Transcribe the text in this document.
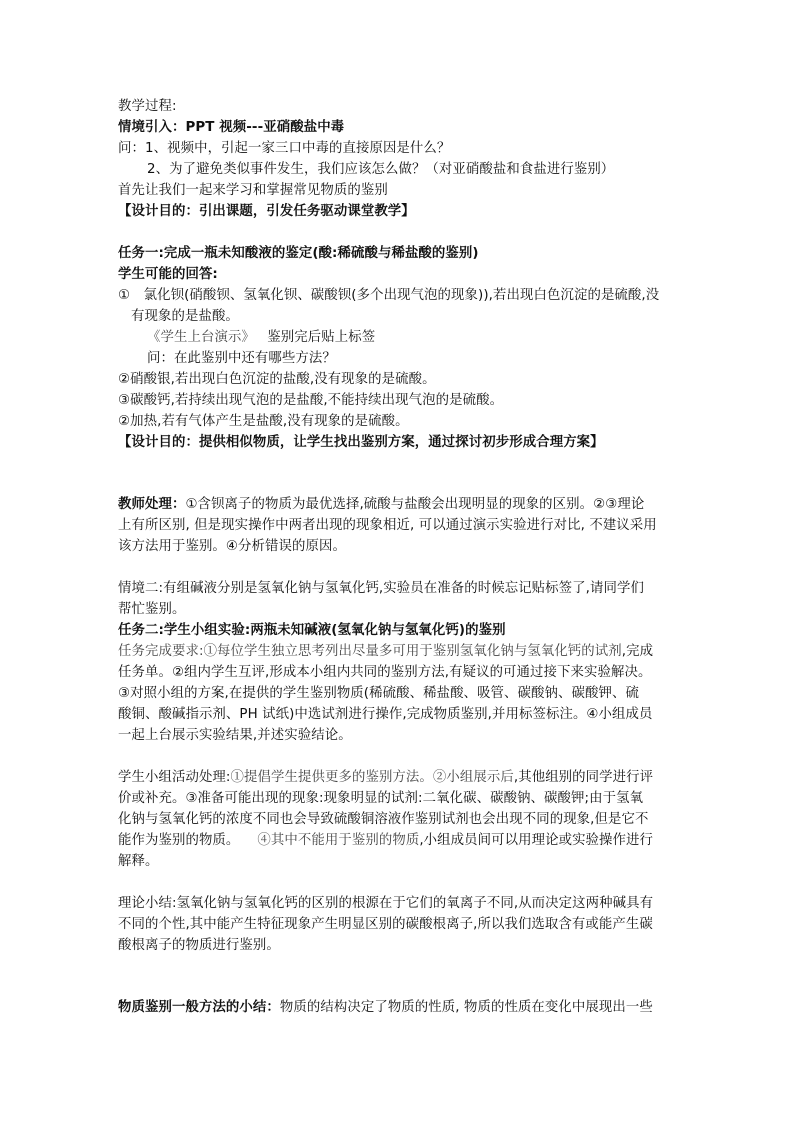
教学过程:
情境引入：PPT 视频---亚硝酸盐中毒
问：1、视频中，引起一家三口中毒的直接原因是什么？
2、为了避免类似事件发生，我们应该怎么做？（对亚硝酸盐和食盐进行鉴别）
首先让我们一起来学习和掌握常见物质的鉴别
【设计目的：引出课题，引发任务驱动课堂教学】
任务一:完成一瓶未知酸液的鉴定(酸:稀硫酸与稀盐酸的鉴别)
学生可能的回答:
①　氯化钡(硝酸钡、氢氧化钡、碳酸钡(多个出现气泡的现象)),若出现白色沉淀的是硫酸,没
有现象的是盐酸。
《学生上台演示》 鉴别完后贴上标签
问：在此鉴别中还有哪些方法？
②硝酸银,若出现白色沉淀的盐酸,没有现象的是硫酸。
③碳酸钙,若持续出现气泡的是盐酸,不能持续出现气泡的是硫酸。
②加热,若有气体产生是盐酸,没有现象的是硫酸。
【设计目的：提供相似物质，让学生找出鉴别方案，通过探讨初步形成合理方案】
教师处理：①含钡离子的物质为最优选择,硫酸与盐酸会出现明显的现象的区别。②③理论
上有所区别, 但是现实操作中两者出现的现象相近, 可以通过演示实验进行对比, 不建议采用
该方法用于鉴别。④分析错误的原因。
情境二:有组碱液分别是氢氧化钠与氢氧化钙,实验员在准备的时候忘记贴标签了,请同学们
帮忙鉴别。
任务二:学生小组实验:两瓶未知碱液(氢氧化钠与氢氧化钙)的鉴别
任务完成要求:①每位学生独立思考列出尽量多可用于鉴别氢氧化钠与氢氧化钙的试剂,完成
任务单。②组内学生互评,形成本小组内共同的鉴别方法,有疑议的可通过接下来实验解决。
③对照小组的方案,在提供的学生鉴别物质(稀硫酸、稀盐酸、吸管、碳酸钠、碳酸钾、硫
酸铜、酸碱指示剂、PH 试纸)中选试剂进行操作,完成物质鉴别,并用标签标注。④小组成员
一起上台展示实验结果,并述实验结论。
学生小组活动处理:①提倡学生提供更多的鉴别方法。②小组展示后,其他组别的同学进行评
价或补充。③准备可能出现的现象:现象明显的试剂:二氧化碳、碳酸钠、碳酸钾;由于氢氧
化钠与氢氧化钙的浓度不同也会导致硫酸铜溶液作鉴别试剂也会出现不同的现象,但是它不
能作为鉴别的物质。 ④其中不能用于鉴别的物质,小组成员间可以用理论或实验操作进行
解释。
理论小结:氢氧化钠与氢氧化钙的区别的根源在于它们的氧离子不同,从而决定这两种碱具有
不同的个性,其中能产生特征现象产生明显区别的碳酸根离子,所以我们选取含有或能产生碳
酸根离子的物质进行鉴别。
物质鉴别一般方法的小结：物质的结构决定了物质的性质, 物质的性质在变化中展现出一些
